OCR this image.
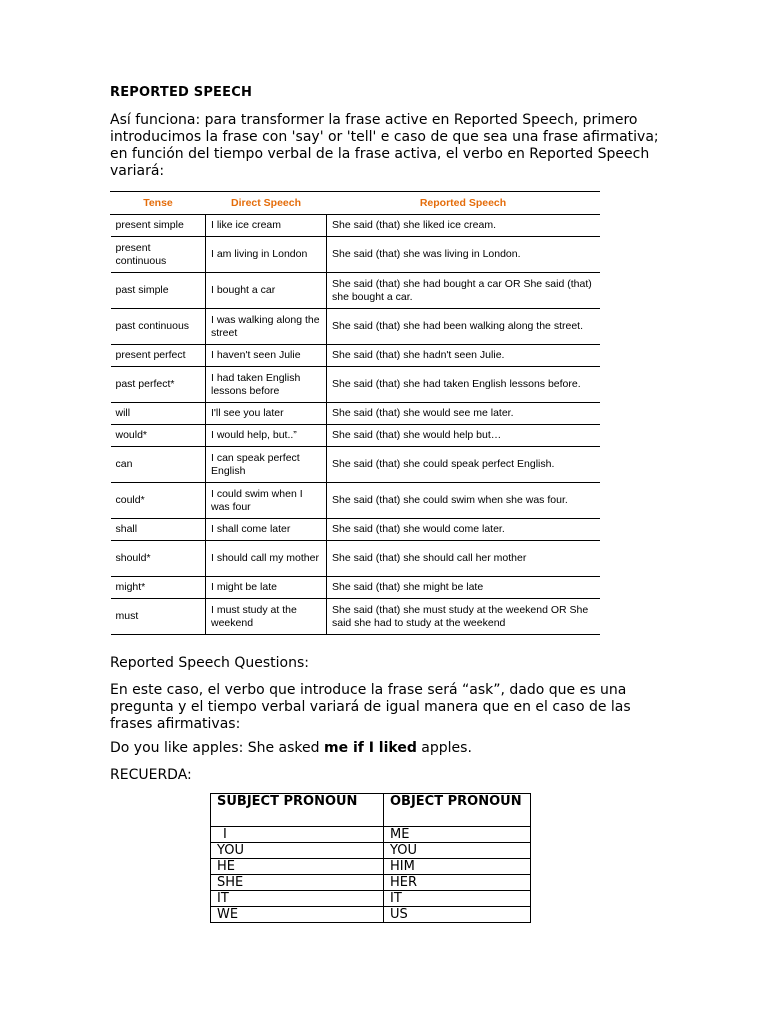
REPORTED SPEECH
Así funciona: para transformer la frase active en Reported Speech, primero introducimos la frase con 'say' or 'tell' e caso de que sea una frase afirmativa; en función del tiempo verbal de la frase activa, el verbo en Reported Speech variará:
Tense	Direct Speech	Reported Speech
present simple	I like ice cream	She said (that) she liked ice cream.
present continuous	I am living in London	She said (that) she was living in London.
past simple	I bought a car	She said (that) she had bought a car OR She said (that) she bought a car.
past continuous	I was walking along the street	She said (that) she had been walking along the street.
present perfect	I haven't seen Julie	She said (that) she hadn't seen Julie.
past perfect*	I had taken English lessons before	She said (that) she had taken English lessons before.
will	I'll see you later	She said (that) she would see me later.
would*	I would help, but..”	She said (that) she would help but…
can	I can speak perfect English	She said (that) she could speak perfect English.
could*	I could swim when I was four	She said (that) she could swim when she was four.
shall	I shall come later	She said (that) she would come later.
should*	I should call my mother	She said (that) she should call her mother
might*	I might be late	She said (that) she might be late
must	I must study at the weekend	She said (that) she must study at the weekend OR She said she had to study at the weekend
Reported Speech Questions:
En este caso, el verbo que introduce la frase será “ask”, dado que es una pregunta y el tiempo verbal variará de igual manera que en el caso de las frases afirmativas:
Do you like apples: She asked me if I liked apples.
RECUERDA:
SUBJECT PRONOUN	OBJECT PRONOUN
I	ME
YOU	YOU
HE	HIM
SHE	HER
IT	IT
WE	US
